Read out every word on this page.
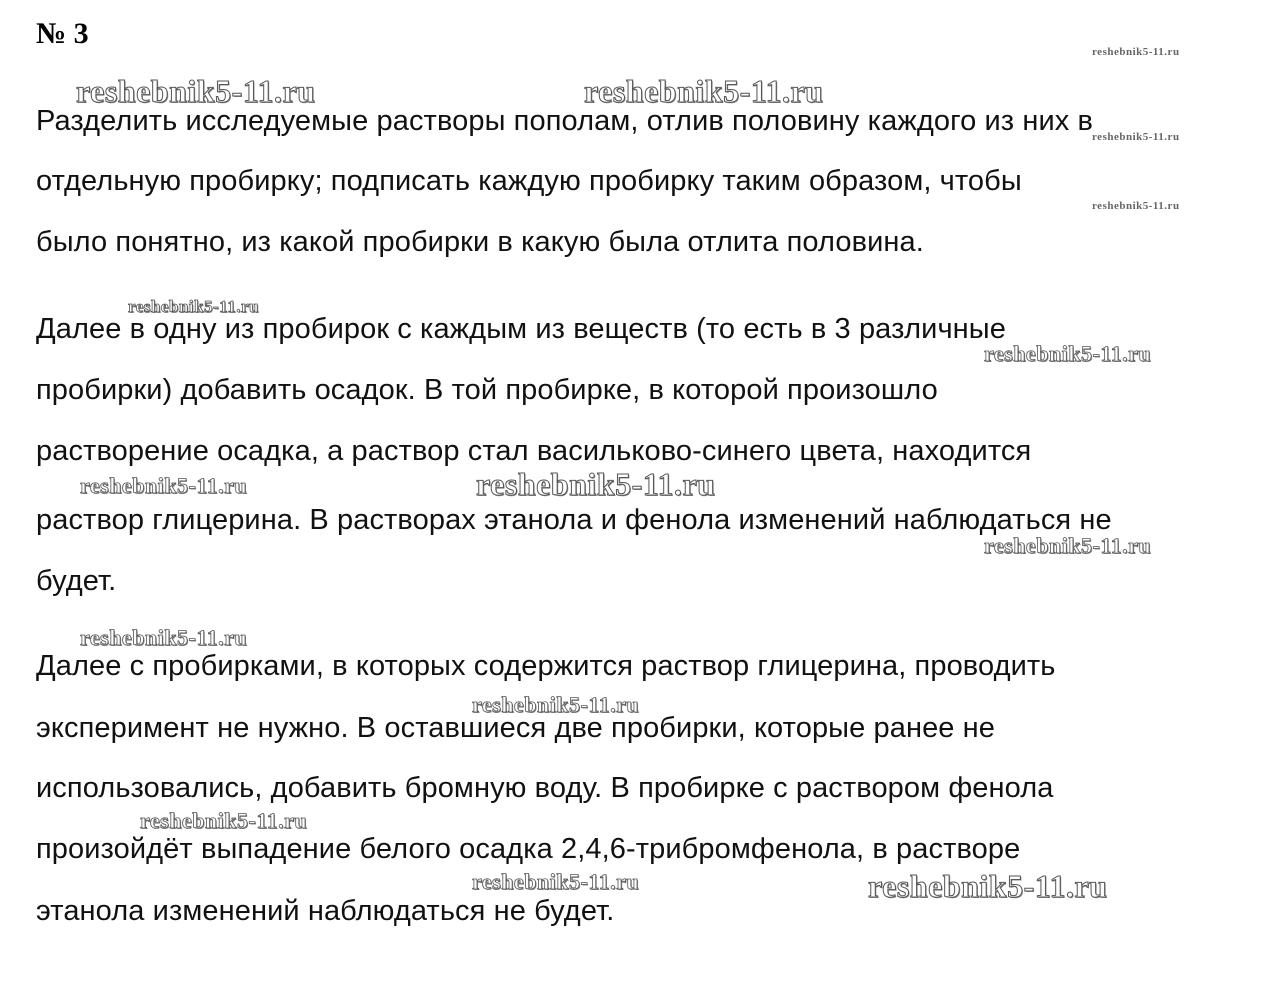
№ 3
Разделить исследуемые растворы пополам, отлив половину каждого из них в
отдельную пробирку; подписать каждую пробирку таким образом, чтобы
было понятно, из какой пробирки в какую была отлита половина.
Далее в одну из пробирок с каждым из веществ (то есть в 3 различные
пробирки) добавить осадок. В той пробирке, в которой произошло
растворение осадка, а раствор стал васильково-синего цвета, находится
раствор глицерина. В растворах этанола и фенола изменений наблюдаться не
будет.
Далее с пробирками, в которых содержится раствор глицерина, проводить
эксперимент не нужно. В оставшиеся две пробирки, которые ранее не
использовались, добавить бромную воду. В пробирке с раствором фенола
произойдёт выпадение белого осадка 2,4,6-трибромфенола, в растворе
этанола изменений наблюдаться не будет.
reshebnik5-11.ru
reshebnik5-11.ru	reshebnik5-11.ru
reshebnik5-11.ru
reshebnik5-11.ru
reshebnik5-11.ru
reshebnik5-11.ru
reshebnik5-11.ru	reshebnik5-11.ru
reshebnik5-11.ru
reshebnik5-11.ru
reshebnik5-11.ru
reshebnik5-11.ru
reshebnik5-11.ru	reshebnik5-11.ru
